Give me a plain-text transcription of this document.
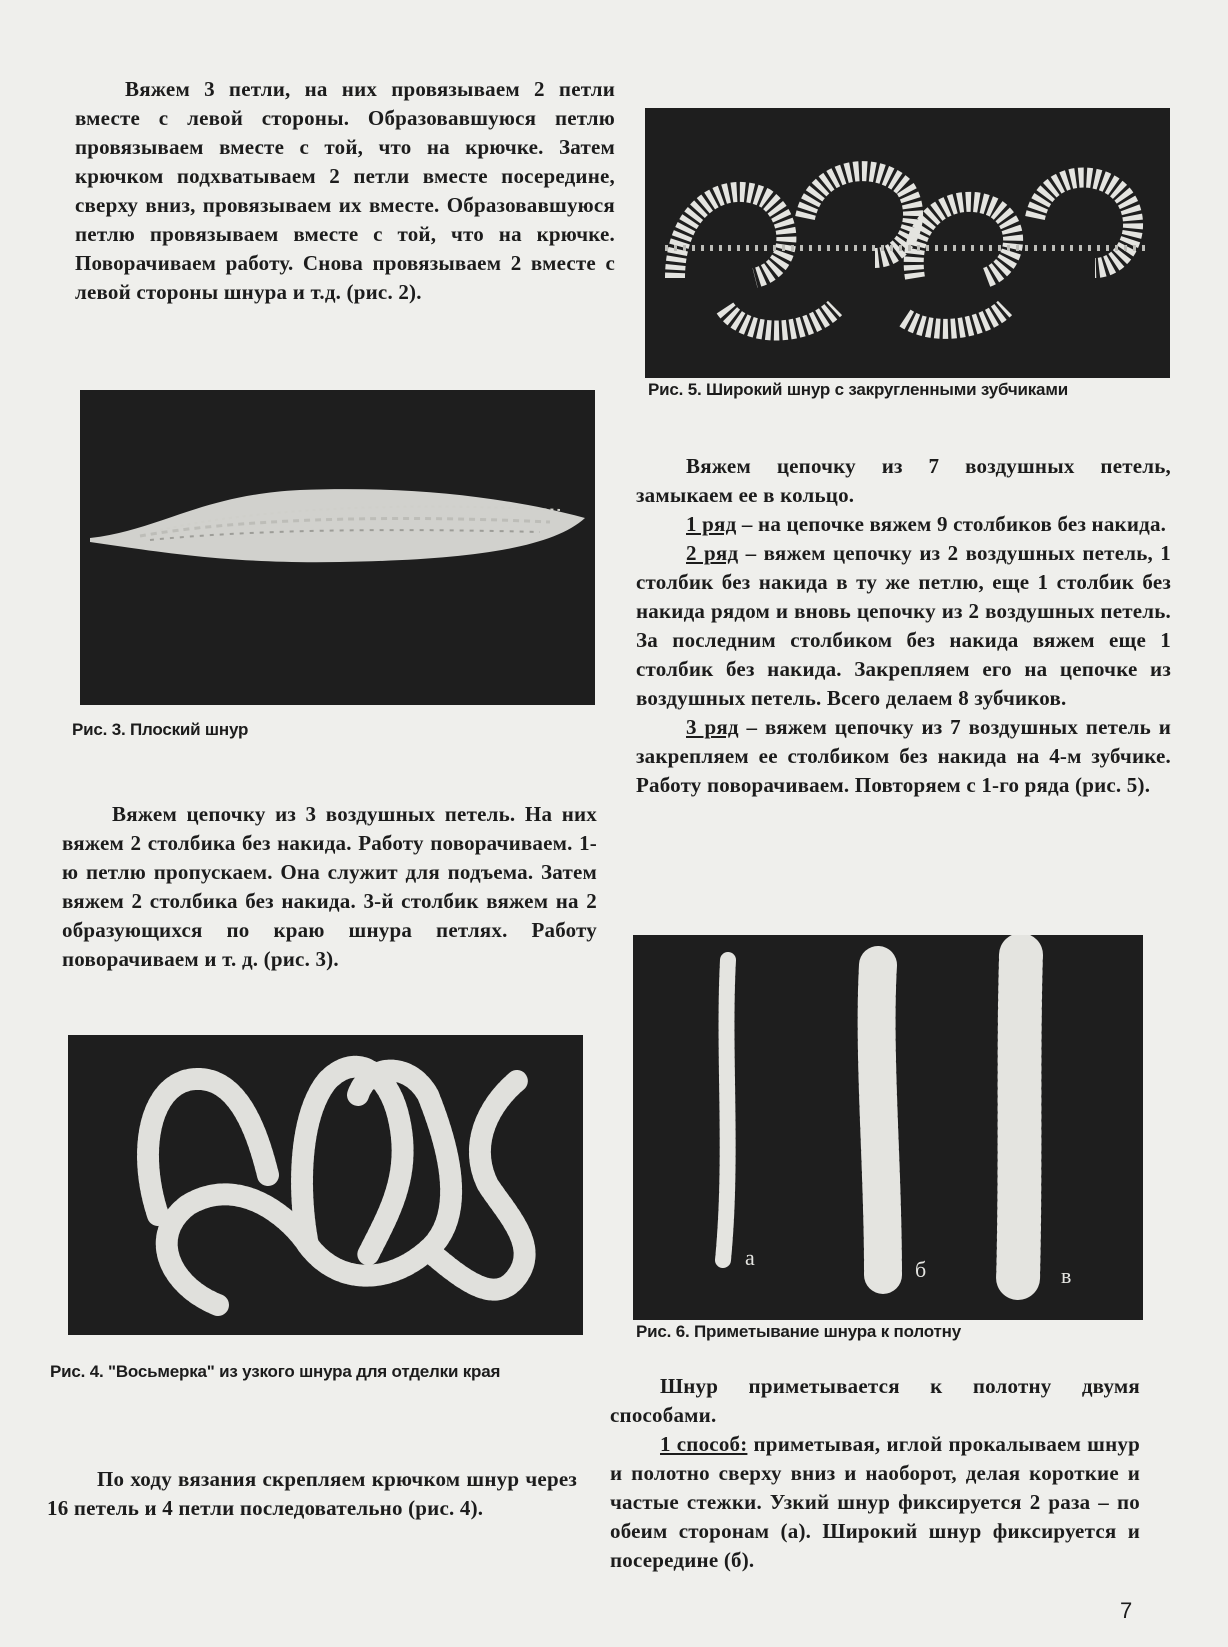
Вяжем 3 петли, на них провязываем 2 петли вместе с левой стороны. Образовавшуюся петлю провязываем вместе с той, что на крючке. Затем крючком подхватываем 2 петли вместе посередине, сверху вниз, провязываем их вместе. Образовавшуюся петлю провязываем вместе с той, что на крючке. Поворачиваем работу. Снова провязываем 2 вместе с левой стороны шнура и т.д. (рис. 2).
Рис. 3. Плоский шнур
Вяжем цепочку из 3 воздушных петель. На них вяжем 2 столбика без накида. Работу поворачиваем. 1-ю петлю пропускаем. Она служит для подъема. Затем вяжем 2 столбика без накида. 3-й столбик вяжем на 2 образующихся по краю шнура петлях. Работу поворачиваем и т. д. (рис. 3).
Рис. 4. "Восьмерка" из узкого шнура для отделки края
По ходу вязания скрепляем крючком шнур через 16 петель и 4 петли последовательно (рис. 4).
Рис. 5. Широкий шнур с закругленными зубчиками
Вяжем цепочку из 7 воздушных петель, замыкаем ее в кольцо.
1 ряд – на цепочке вяжем 9 столбиков без накида.
2 ряд – вяжем цепочку из 2 воздушных петель, 1 столбик без накида в ту же петлю, еще 1 столбик без накида рядом и вновь цепочку из 2 воздушных петель. За последним столбиком без накида вяжем еще 1 столбик без накида. Закрепляем его на цепочке из воздушных петель. Всего делаем 8 зубчиков.
3 ряд – вяжем цепочку из 7 воздушных петель и закрепляем ее столбиком без накида на 4-м зубчике. Работу поворачиваем. Повторяем с 1-го ряда (рис. 5).
а	б	в
Рис. 6. Приметывание шнура к полотну
Шнур приметывается к полотну двумя способами.
1 способ: приметывая, иглой прокалываем шнур и полотно сверху вниз и наоборот, делая короткие и частые стежки. Узкий шнур фиксируется 2 раза – по обеим сторонам (а). Широкий шнур фиксируется и посередине (б).
7
